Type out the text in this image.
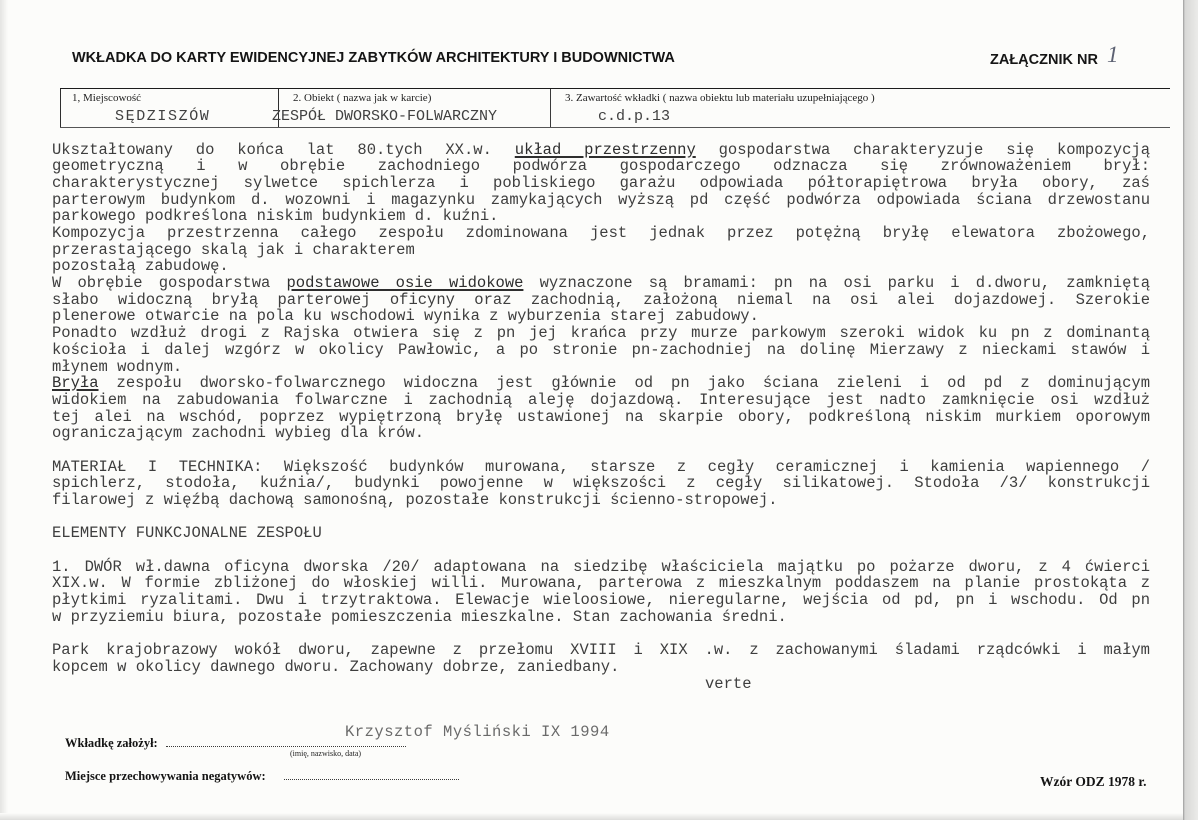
WKŁADKA DO KARTY EWIDENCYJNEJ ZABYTKÓW ARCHITEKTURY I BUDOWNICTWA	ZAŁĄCZNIK NR 1
1, Miejscowość
SĘDZISZÓW
2. Obiekt ( nazwa jak w karcie)
ZESPÓŁ DWORSKO-FOLWARCZNY
3. Zawartość wkładki ( nazwa obiektu lub materiału uzupełniającego )
c.d.p.13
Ukształtowany do końca lat 80.tych XX.w. układ przestrzenny gospodarstwa charakteryzuje się kompozycją
geometryczną i w obrębie zachodniego podwórza gospodarczego odznacza się zrównoważeniem brył:
charakterystycznej sylwetce spichlerza i pobliskiego garażu odpowiada półtorapiętrowa bryła obory, zaś
parterowym budynkom d. wozowni i magazynku zamykających wyższą pd część podwórza odpowiada ściana drzewostanu
parkowego podkreślona niskim budynkiem d. kuźni.
Kompozycja przestrzenna całego zespołu zdominowana jest jednak przez potężną bryłę elewatora zbożowego,
przerastającego skalą jak i charakterem
pozostałą zabudowę.
W obrębie gospodarstwa podstawowe osie widokowe wyznaczone są bramami: pn na osi parku i d.dworu, zamkniętą
słabo widoczną bryłą parterowej oficyny oraz zachodnią, założoną niemal na osi alei dojazdowej. Szerokie
plenerowe otwarcie na pola ku wschodowi wynika z wyburzenia starej zabudowy.
Ponadto wzdłuż drogi z Rajska otwiera się z pn jej krańca przy murze parkowym szeroki widok ku pn z dominantą
kościoła i dalej wzgórz w okolicy Pawłowic, a po stronie pn-zachodniej na dolinę Mierzawy z nieckami stawów i
młynem wodnym.
Bryła zespołu dworsko-folwarcznego widoczna jest głównie od pn jako ściana zieleni i od pd z dominującym
widokiem na zabudowania folwarczne i zachodnią aleję dojazdową. Interesujące jest nadto zamknięcie osi wzdłuż
tej alei na wschód, poprzez wypiętrzoną bryłę ustawionej na skarpie obory, podkreśloną niskim murkiem oporowym
ograniczającym zachodni wybieg dla krów.
MATERIAŁ I TECHNIKA: Większość budynków murowana, starsze z cegły ceramicznej i kamienia wapiennego /
spichlerz, stodoła, kuźnia/, budynki powojenne w większości z cegły silikatowej. Stodoła /3/ konstrukcji
filarowej z więźbą dachową samonośną, pozostałe konstrukcji ścienno-stropowej.
ELEMENTY FUNKCJONALNE ZESPOŁU
1. DWÓR wł.dawna oficyna dworska /20/ adaptowana na siedzibę właściciela majątku po pożarze dworu, z 4 ćwierci
XIX.w. W formie zbliżonej do włoskiej willi. Murowana, parterowa z mieszkalnym poddaszem na planie prostokąta z
płytkimi ryzalitami. Dwu i trzytraktowa. Elewacje wieloosiowe, nieregularne, wejścia od pd, pn i wschodu. Od pn
w przyziemiu biura, pozostałe pomieszczenia mieszkalne. Stan zachowania średni.
Park krajobrazowy wokół dworu, zapewne z przełomu XVIII i XIX .w. z zachowanymi śladami rządcówki i małym
kopcem w okolicy dawnego dworu. Zachowany dobrze, zaniedbany.
verte
Krzysztof Myśliński IX 1994
Wkładkę założył:
(imię, nazwisko, data)
Miejsce przechowywania negatywów:	Wzór ODZ 1978 r.
